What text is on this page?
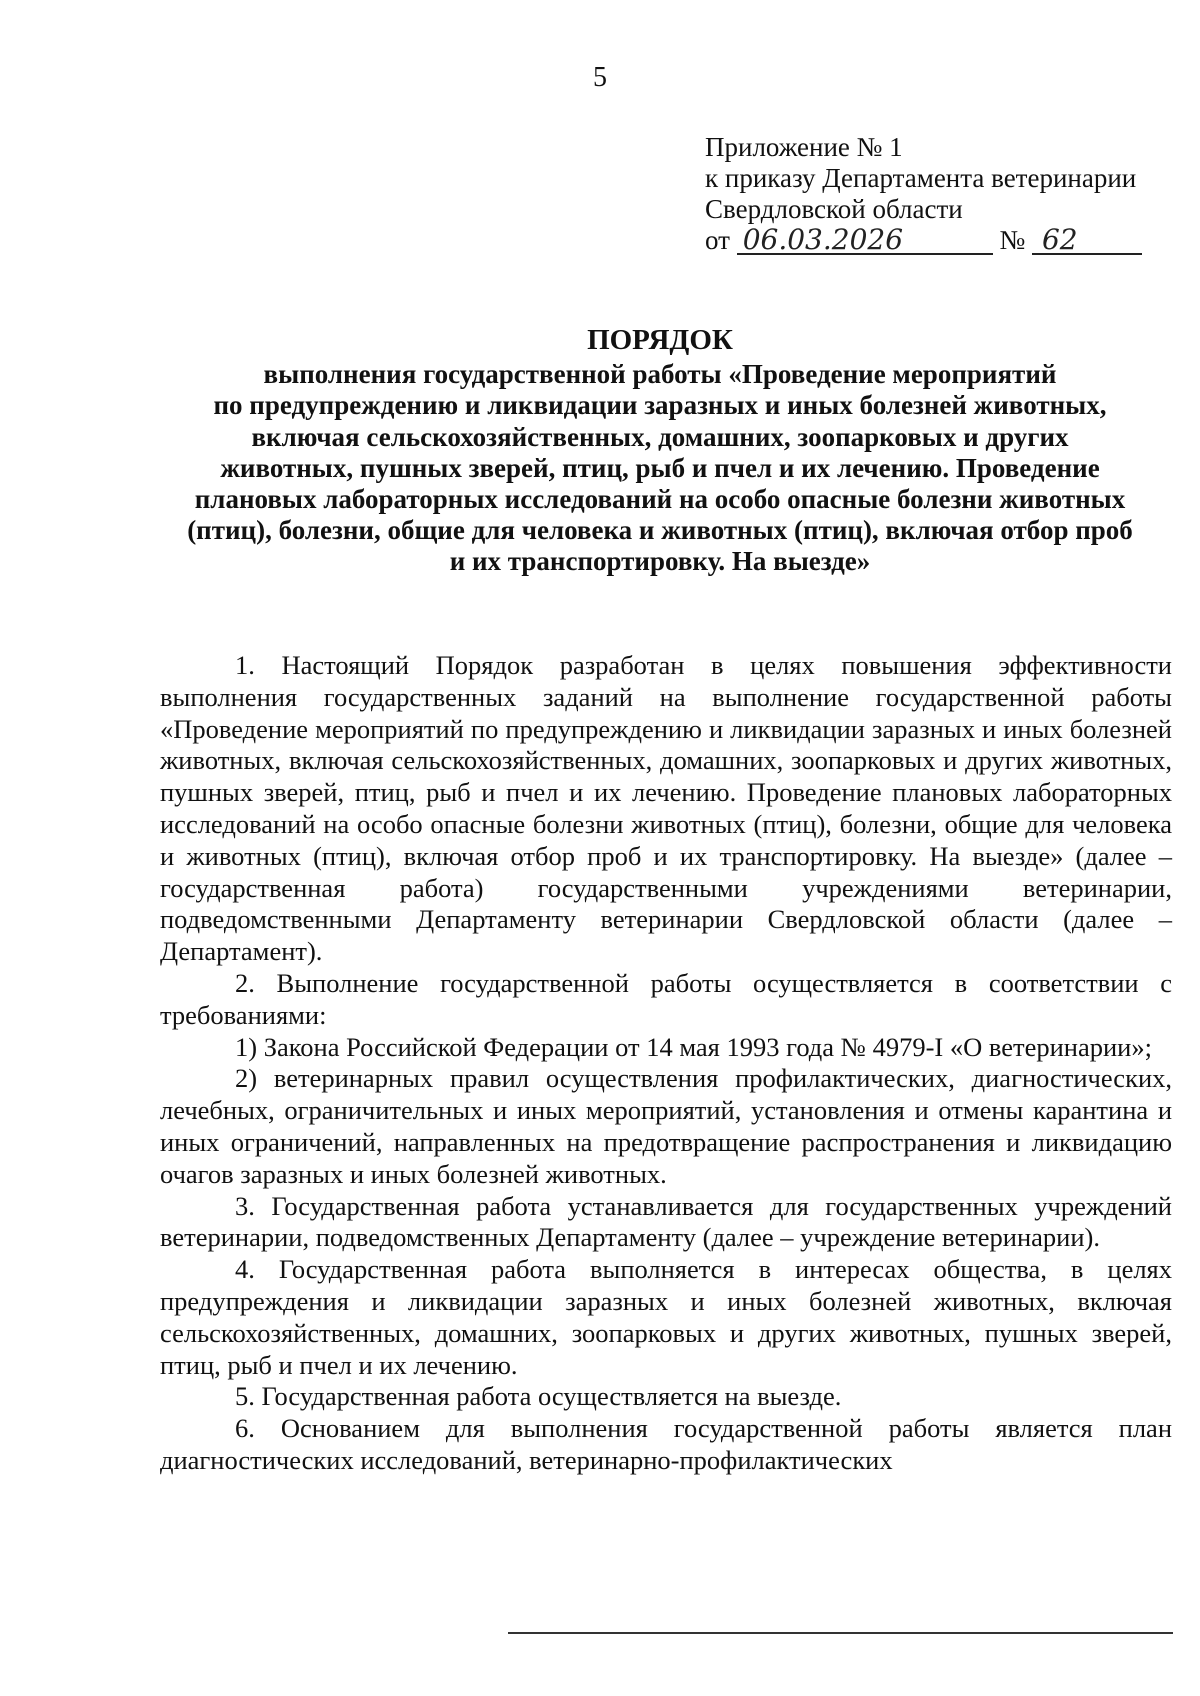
5
Приложение № 1
к приказу Департамента ветеринарии
Свердловской области
от 06.03.2026	№ 62
ПОРЯДОК
выполнения государственной работы «Проведение мероприятий
по предупреждению и ликвидации заразных и иных болезней животных,
включая сельскохозяйственных, домашних, зоопарковых и других
животных, пушных зверей, птиц, рыб и пчел и их лечению. Проведение
плановых лабораторных исследований на особо опасные болезни животных
(птиц), болезни, общие для человека и животных (птиц), включая отбор проб
и их транспортировку. На выезде»

1. Настоящий Порядок разработан в целях повышения эффективности выполнения государственных заданий на выполнение государственной работы «Проведение мероприятий по предупреждению и ликвидации заразных и иных болезней животных, включая сельскохозяйственных, домашних, зоопарковых и других животных, пушных зверей, птиц, рыб и пчел и их лечению. Проведение плановых лабораторных исследований на особо опасные болезни животных (птиц), болезни, общие для человека и животных (птиц), включая отбор проб и их транспортировку. На выезде» (далее – государственная работа) государственными учреждениями ветеринарии, подведомственными Департаменту ветеринарии Свердловской области (далее – Департамент).

2. Выполнение государственной работы осуществляется в соответствии с требованиями:

1) Закона Российской Федерации от 14 мая 1993 года № 4979-I «О ветеринарии»;

2) ветеринарных правил осуществления профилактических, диагностических, лечебных, ограничительных и иных мероприятий, установления и отмены карантина и иных ограничений, направленных на предотвращение распространения и ликвидацию очагов заразных и иных болезней животных.

3. Государственная работа устанавливается для государственных учреждений ветеринарии, подведомственных Департаменту (далее – учреждение ветеринарии).

4. Государственная работа выполняется в интересах общества, в целях предупреждения и ликвидации заразных и иных болезней животных, включая сельскохозяйственных, домашних, зоопарковых и других животных, пушных зверей, птиц, рыб и пчел и их лечению.

5. Государственная работа осуществляется на выезде.

6. Основанием для выполнения государственной работы является план диагностических исследований, ветеринарно-профилактических
